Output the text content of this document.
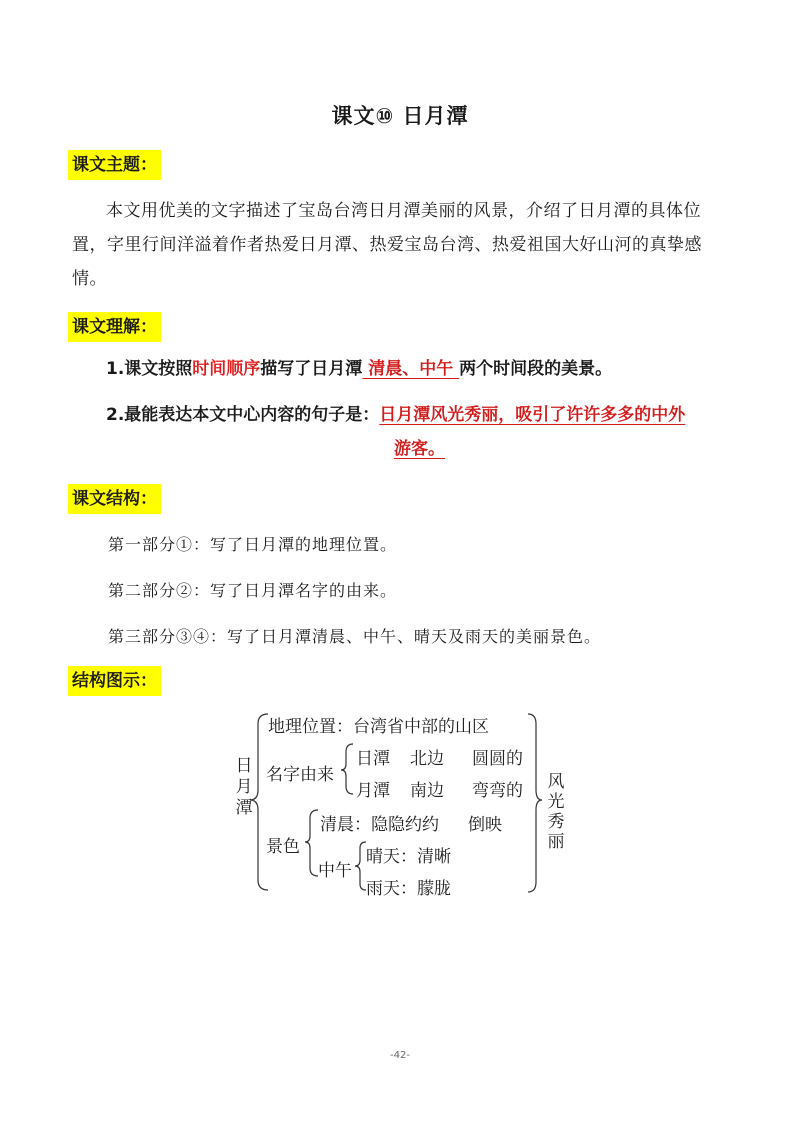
课文⑩ 日月潭
课文主题：
本文用优美的文字描述了宝岛台湾日月潭美丽的风景，介绍了日月潭的具体位置，字里行间洋溢着作者热爱日月潭、热爱宝岛台湾、热爱祖国大好山河的真挚感情。
课文理解：
1.课文按照时间顺序描写了日月潭 清晨、中午 两个时间段的美景。
2.最能表达本文中心内容的句子是：日月潭风光秀丽，吸引了许许多多的中外
游客。
课文结构：
第一部分①：写了日月潭的地理位置。
第二部分②：写了日月潭名字的由来。
第三部分③④：写了日月潭清晨、中午、晴天及雨天的美丽景色。
结构图示：
日月潭
地理位置：台湾省中部的山区
名字由来
日潭 北边 圆圆的
月潭 南边 弯弯的
景色
清晨：隐隐约约 倒映
中午
晴天：清晰
雨天：朦胧
风光秀丽
-42-
